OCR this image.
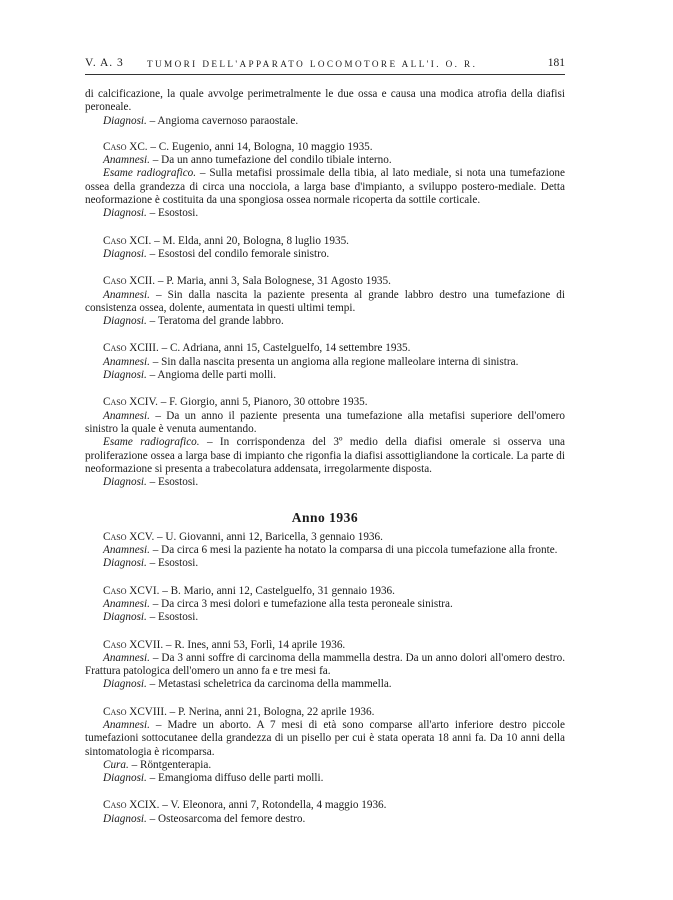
V. A. 3	TUMORI DELL'APPARATO LOCOMOTORE ALL'I. O. R.	181

di calcificazione, la quale avvolge perimetralmente le due ossa e causa una modica atrofia della diafisi peroneale.

Diagnosi. – Angioma cavernoso paraostale.

Caso XC. – C. Eugenio, anni 14, Bologna, 10 maggio 1935.

Anamnesi. – Da un anno tumefazione del condilo tibiale interno.

Esame radiografico. – Sulla metafisi prossimale della tibia, al lato mediale, si nota una tumefazione ossea della grandezza di circa una nocciola, a larga base d'impianto, a sviluppo postero-mediale. Detta neoformazione è costituita da una spongiosa ossea normale ricoperta da sottile corticale.

Diagnosi. – Esostosi.

Caso XCI. – M. Elda, anni 20, Bologna, 8 luglio 1935.

Diagnosi. – Esostosi del condilo femorale sinistro.

Caso XCII. – P. Maria, anni 3, Sala Bolognese, 31 Agosto 1935.

Anamnesi. – Sin dalla nascita la paziente presenta al grande labbro destro una tumefazione di consistenza ossea, dolente, aumentata in questi ultimi tempi.

Diagnosi. – Teratoma del grande labbro.

Caso XCIII. – C. Adriana, anni 15, Castelguelfo, 14 settembre 1935.

Anamnesi. – Sin dalla nascita presenta un angioma alla regione malleolare interna di sinistra.

Diagnosi. – Angioma delle parti molli.

Caso XCIV. – F. Giorgio, anni 5, Pianoro, 30 ottobre 1935.

Anamnesi. – Da un anno il paziente presenta una tumefazione alla metafisi superiore dell'omero sinistro la quale è venuta aumentando.

Esame radiografico. – In corrispondenza del 3º medio della diafisi omerale si osserva una proliferazione ossea a larga base di impianto che rigonfia la diafisi assottigliandone la corticale. La parte di neoformazione si presenta a trabecolatura addensata, irregolarmente disposta.

Diagnosi. – Esostosi.

Anno 1936

Caso XCV. – U. Giovanni, anni 12, Baricella, 3 gennaio 1936.

Anamnesi. – Da circa 6 mesi la paziente ha notato la comparsa di una piccola tumefazione alla fronte.

Diagnosi. – Esostosi.

Caso XCVI. – B. Mario, anni 12, Castelguelfo, 31 gennaio 1936.

Anamnesi. – Da circa 3 mesi dolori e tumefazione alla testa peroneale sinistra.

Diagnosi. – Esostosi.

Caso XCVII. – R. Ines, anni 53, Forlì, 14 aprile 1936.

Anamnesi. – Da 3 anni soffre di carcinoma della mammella destra. Da un anno dolori all'omero destro. Frattura patologica dell'omero un anno fa e tre mesi fa.

Diagnosi. – Metastasi scheletrica da carcinoma della mammella.

Caso XCVIII. – P. Nerina, anni 21, Bologna, 22 aprile 1936.

Anamnesi. – Madre un aborto. A 7 mesi di età sono comparse all'arto inferiore destro piccole tumefazioni sottocutanee della grandezza di un pisello per cui è stata operata 18 anni fa. Da 10 anni della sintomatologia è ricomparsa.

Cura. – Röntgenterapia.

Diagnosi. – Emangioma diffuso delle parti molli.

Caso XCIX. – V. Eleonora, anni 7, Rotondella, 4 maggio 1936.

Diagnosi. – Osteosarcoma del femore destro.
